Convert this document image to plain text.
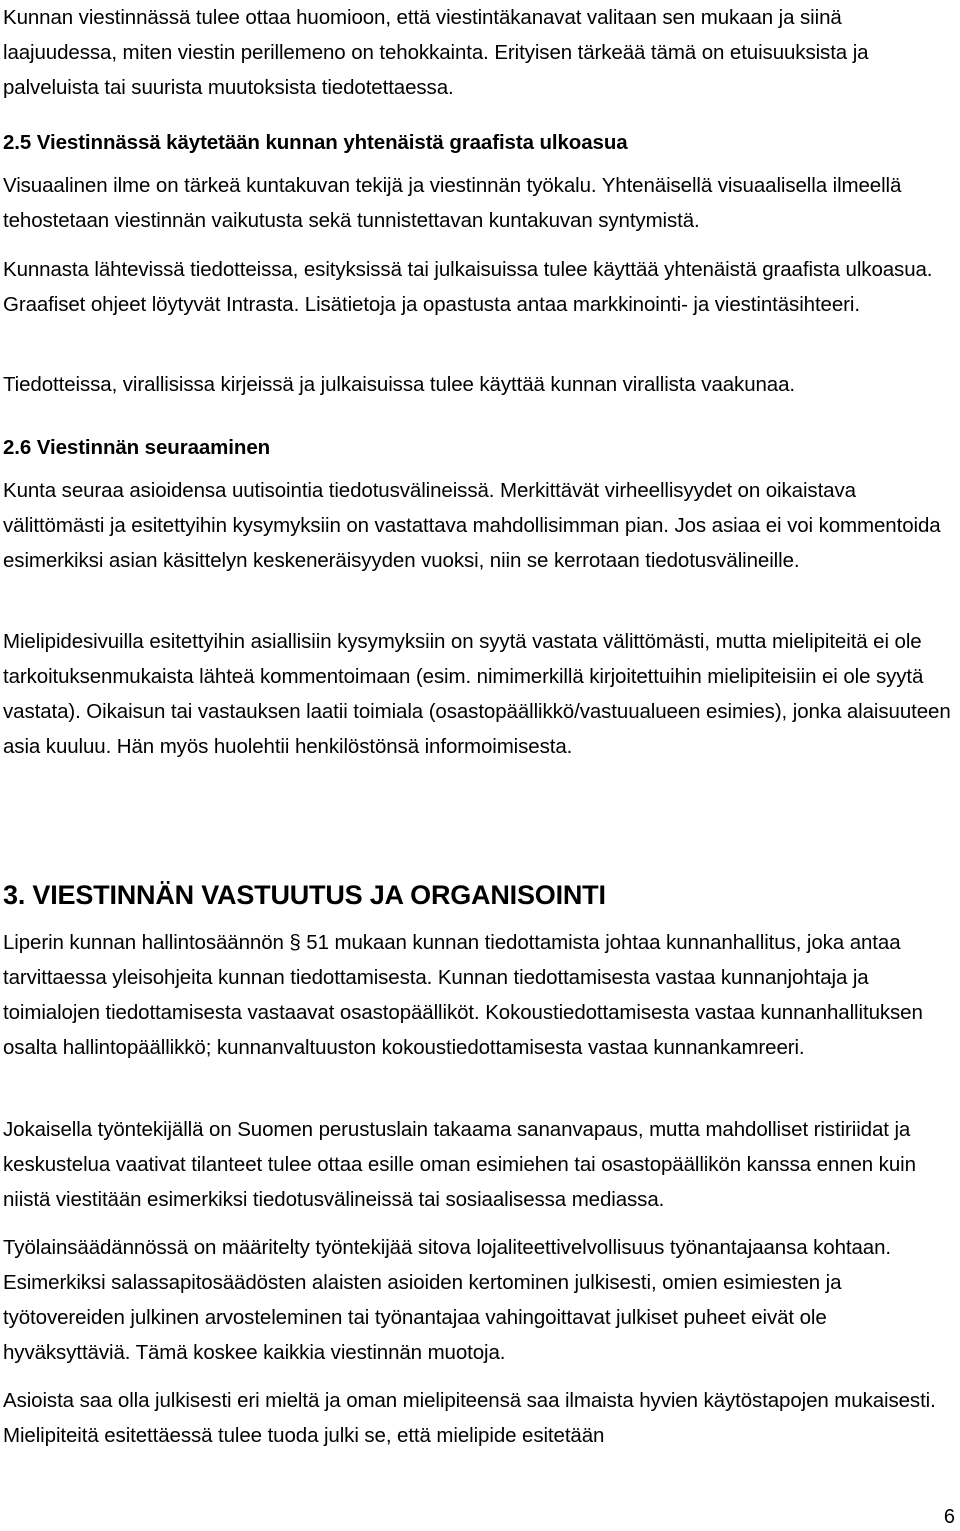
Kunnan viestinnässä tulee ottaa huomioon, että viestintäkanavat valitaan sen mukaan ja siinä laajuudessa, miten viestin perillemeno on tehokkainta. Erityisen tärkeää tämä on etuisuuksista ja palveluista tai suurista muutoksista tiedotettaessa.

2.5 Viestinnässä käytetään kunnan yhtenäistä graafista ulkoasua

Visuaalinen ilme on tärkeä kuntakuvan tekijä ja viestinnän työkalu. Yhtenäisellä visuaalisella ilmeellä tehostetaan viestinnän vaikutusta sekä tunnistettavan kuntakuvan syntymistä.

Kunnasta lähtevissä tiedotteissa, esityksissä tai julkaisuissa tulee käyttää yhtenäistä graafista ulkoasua. Graafiset ohjeet löytyvät Intrasta. Lisätietoja ja opastusta antaa markkinointi- ja viestintäsihteeri.

Tiedotteissa, virallisissa kirjeissä ja julkaisuissa tulee käyttää kunnan virallista vaakunaa.

2.6 Viestinnän seuraaminen

Kunta seuraa asioidensa uutisointia tiedotusvälineissä. Merkittävät virheellisyydet on oikaistava välittömästi ja esitettyihin kysymyksiin on vastattava mahdollisimman pian. Jos asiaa ei voi kommentoida esimerkiksi asian käsittelyn keskeneräisyyden vuoksi, niin se kerrotaan tiedotusvälineille.

Mielipidesivuilla esitettyihin asiallisiin kysymyksiin on syytä vastata välittömästi, mutta mielipiteitä ei ole tarkoituksenmukaista lähteä kommentoimaan (esim. nimimerkillä kirjoitettuihin mielipiteisiin ei ole syytä vastata). Oikaisun tai vastauksen laatii toimiala (osastopäällikkö/vastuualueen esimies), jonka alaisuuteen asia kuuluu. Hän myös huolehtii henkilöstönsä informoimisesta.

3. VIESTINNÄN VASTUUTUS JA ORGANISOINTI

Liperin kunnan hallintosäännön § 51 mukaan kunnan tiedottamista johtaa kunnanhallitus, joka antaa tarvittaessa yleisohjeita kunnan tiedottamisesta. Kunnan tiedottamisesta vastaa kunnanjohtaja ja toimialojen tiedottamisesta vastaavat osastopäälliköt. Kokoustiedottamisesta vastaa kunnanhallituksen osalta hallintopäällikkö; kunnanvaltuuston kokoustiedottamisesta vastaa kunnankamreeri.

Jokaisella työntekijällä on Suomen perustuslain takaama sananvapaus, mutta mahdolliset ristiriidat ja keskustelua vaativat tilanteet tulee ottaa esille oman esimiehen tai osastopäällikön kanssa ennen kuin niistä viestitään esimerkiksi tiedotusvälineissä tai sosiaalisessa mediassa.

Työlainsäädännössä on määritelty työntekijää sitova lojaliteettivelvollisuus työnantajaansa kohtaan. Esimerkiksi salassapitosäädösten alaisten asioiden kertominen julkisesti, omien esimiesten ja työtovereiden julkinen arvosteleminen tai työnantajaa vahingoittavat julkiset puheet eivät ole hyväksyttäviä. Tämä koskee kaikkia viestinnän muotoja.

Asioista saa olla julkisesti eri mieltä ja oman mielipiteensä saa ilmaista hyvien käytöstapojen mukaisesti. Mielipiteitä esitettäessä tulee tuoda julki se, että mielipide esitetään

6
